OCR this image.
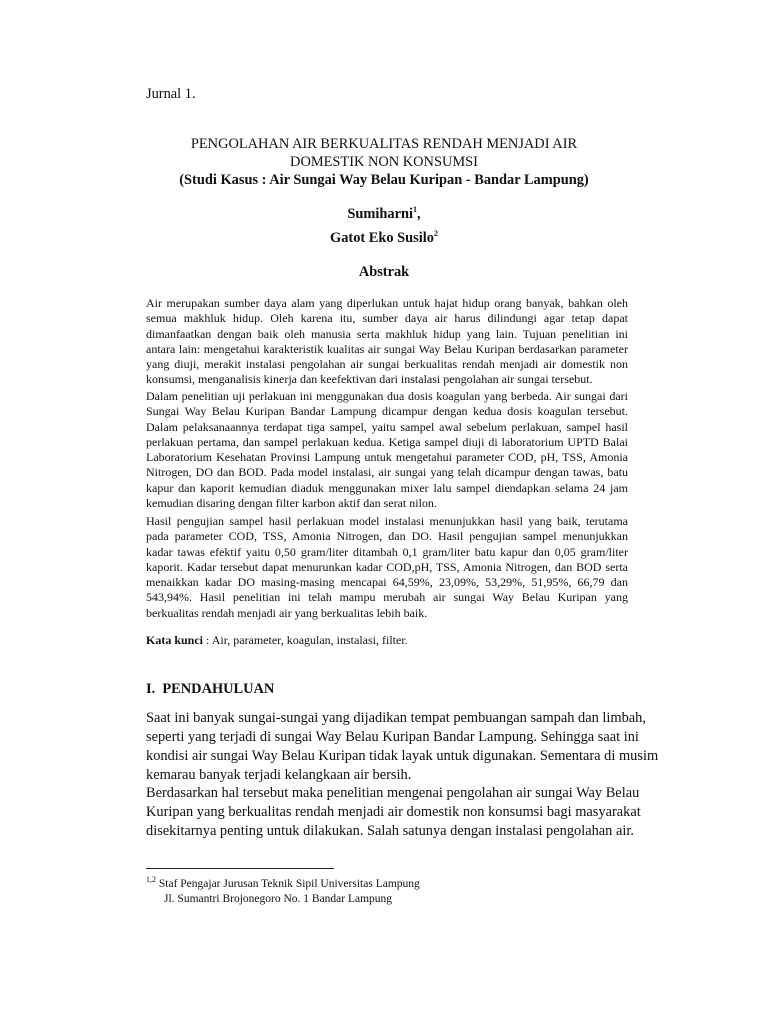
Jurnal 1.
PENGOLAHAN AIR BERKUALITAS RENDAH MENJADI AIR
DOMESTIK NON KONSUMSI
(Studi Kasus : Air Sungai Way Belau Kuripan - Bandar Lampung)
Sumiharni$^1$,
Gatot Eko Susilo$^2$
Abstrak
Air merupakan sumber daya alam yang diperlukan untuk hajat hidup orang banyak, bahkan oleh
semua makhluk hidup. Oleh karena itu, sumber daya air harus dilindungi agar tetap dapat
dimanfaatkan dengan baik oleh manusia serta makhluk hidup yang lain. Tujuan penelitian ini
antara lain: mengetahui karakteristik kualitas air sungai Way Belau Kuripan berdasarkan parameter
yang diuji, merakit instalasi pengolahan air sungai berkualitas rendah menjadi air domestik non
konsumsi, menganalisis kinerja dan keefektivan dari instalasi pengolahan air sungai tersebut.
Dalam penelitian uji perlakuan ini menggunakan dua dosis koagulan yang berbeda. Air sungai dari
Sungai Way Belau Kuripan Bandar Lampung dicampur dengan kedua dosis koagulan tersebut.
Dalam pelaksanaannya terdapat tiga sampel, yaitu sampel awal sebelum perlakuan, sampel hasil
perlakuan pertama, dan sampel perlakuan kedua. Ketiga sampel diuji di laboratorium UPTD Balai
Laboratorium Kesehatan Provinsi Lampung untuk mengetahui parameter COD, pH, TSS, Amonia
Nitrogen, DO dan BOD. Pada model instalasi, air sungai yang telah dicampur dengan tawas, batu
kapur dan kaporit kemudian diaduk menggunakan mixer lalu sampel diendapkan selama 24 jam
kemudian disaring dengan filter karbon aktif dan serat nilon.
Hasil pengujian sampel hasil perlakuan model instalasi menunjukkan hasil yang baik, terutama
pada parameter COD, TSS, Amonia Nitrogen, dan DO. Hasil pengujian sampel menunjukkan
kadar tawas efektif yaitu 0,50 gram/liter ditambah 0,1 gram/liter batu kapur dan 0,05 gram/liter
kaporit. Kadar tersebut dapat menurunkan kadar COD,pH, TSS, Amonia Nitrogen, dan BOD serta
menaikkan kadar DO masing-masing mencapai 64,59%, 23,09%, 53,29%, 51,95%, 66,79 dan
543,94%. Hasil penelitian ini telah mampu merubah air sungai Way Belau Kuripan yang
berkualitas rendah menjadi air yang berkualitas lebih baik.
Kata kunci : Air, parameter, koagulan, instalasi, filter.
I.  PENDAHULUAN
Saat ini banyak sungai-sungai yang dijadikan tempat pembuangan sampah dan limbah,
seperti yang terjadi di sungai Way Belau Kuripan Bandar Lampung. Sehingga saat ini
kondisi air sungai Way Belau Kuripan tidak layak untuk digunakan. Sementara di musim
kemarau banyak terjadi kelangkaan air bersih.
Berdasarkan hal tersebut maka penelitian mengenai pengolahan air sungai Way Belau
Kuripan yang berkualitas rendah menjadi air domestik non konsumsi bagi masyarakat
disekitarnya penting untuk dilakukan. Salah satunya dengan instalasi pengolahan air.
$^{1,2}$ Staf Pengajar Jurusan Teknik Sipil Universitas Lampung
Jl. Sumantri Brojonegoro No. 1 Bandar Lampung
